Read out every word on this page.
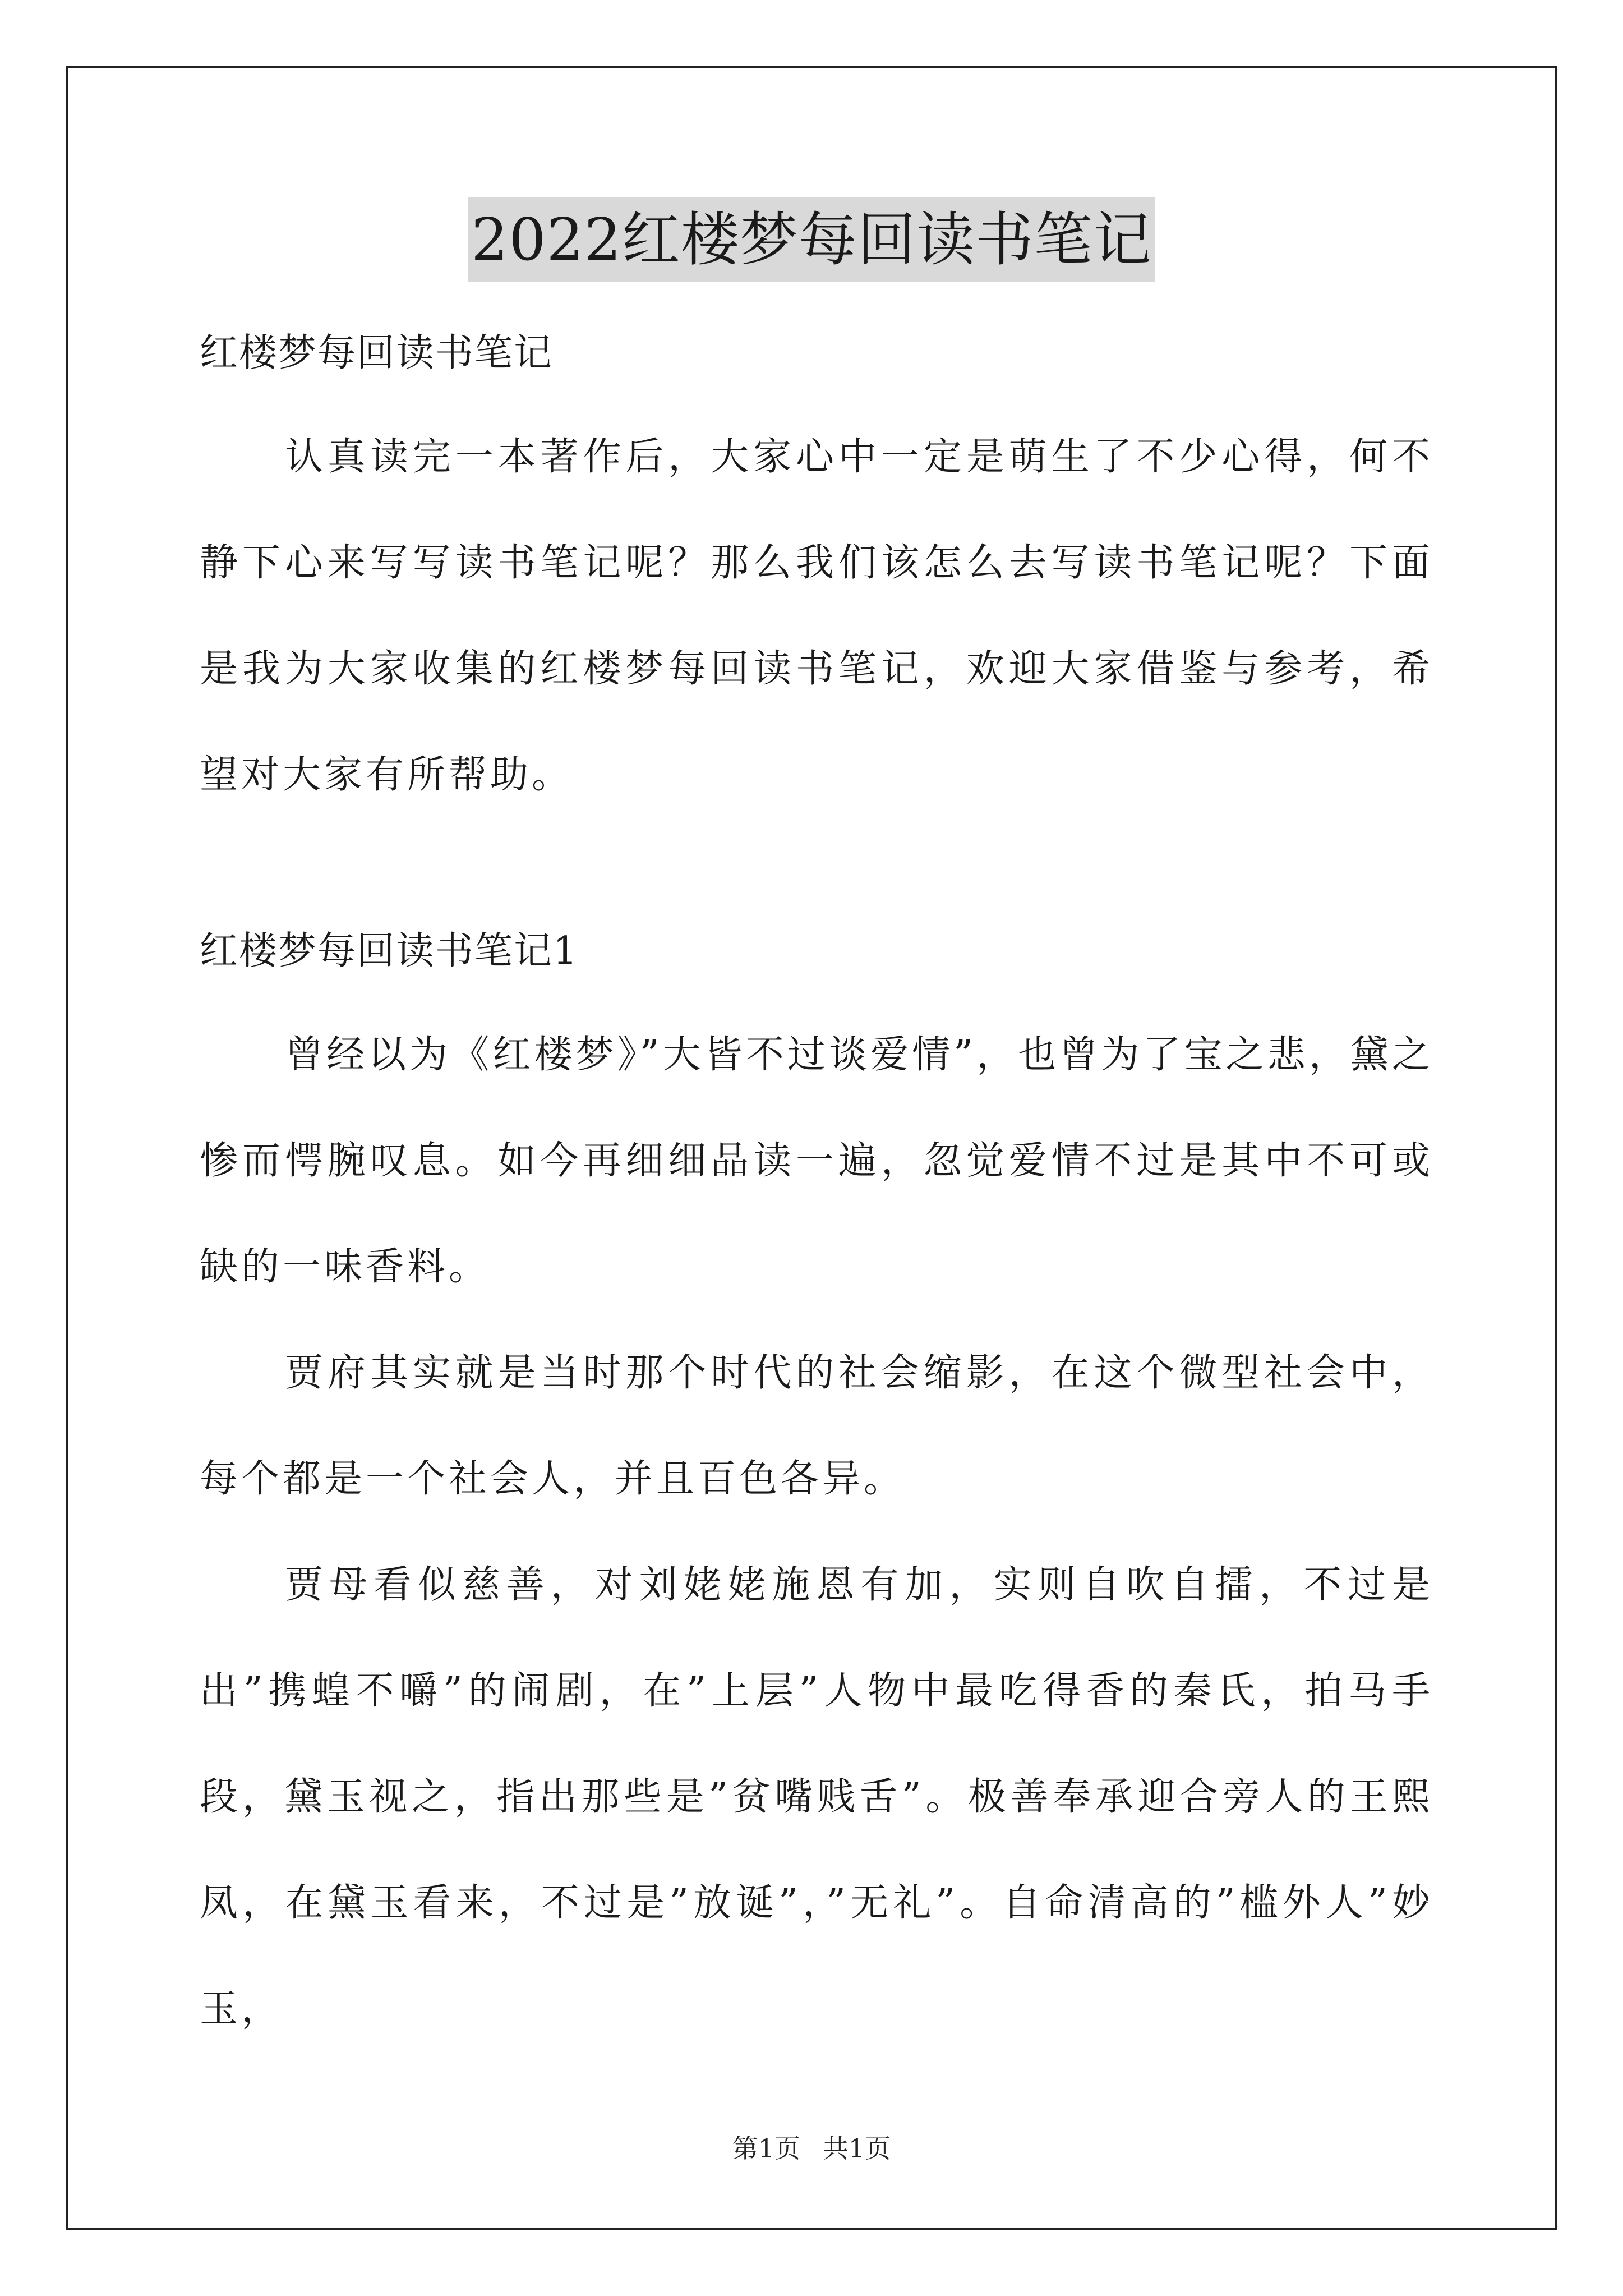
2022红楼梦每回读书笔记

红楼梦每回读书笔记

认真读完一本著作后，大家心中一定是萌生了不少心得，何不静下心来写写读书笔记呢？那么我们该怎么去写读书笔记呢？下面是我为大家收集的红楼梦每回读书笔记，欢迎大家借鉴与参考，希望对大家有所帮助。

红楼梦每回读书笔记1

曾经以为《红楼梦》”大皆不过谈爱情”，也曾为了宝之悲，黛之惨而愕腕叹息。如今再细细品读一遍，忽觉爱情不过是其中不可或缺的一味香料。

贾府其实就是当时那个时代的社会缩影，在这个微型社会中，每个都是一个社会人，并且百色各异。

贾母看似慈善，对刘姥姥施恩有加，实则自吹自擂，不过是出”携蝗不嚼”的闹剧，在”上层”人物中最吃得香的秦氏，拍马手段，黛玉视之，指出那些是”贫嘴贱舌”。极善奉承迎合旁人的王熙凤，在黛玉看来，不过是”放诞”，”无礼”。自命清高的”槛外人”妙玉，

第1页 共1页
